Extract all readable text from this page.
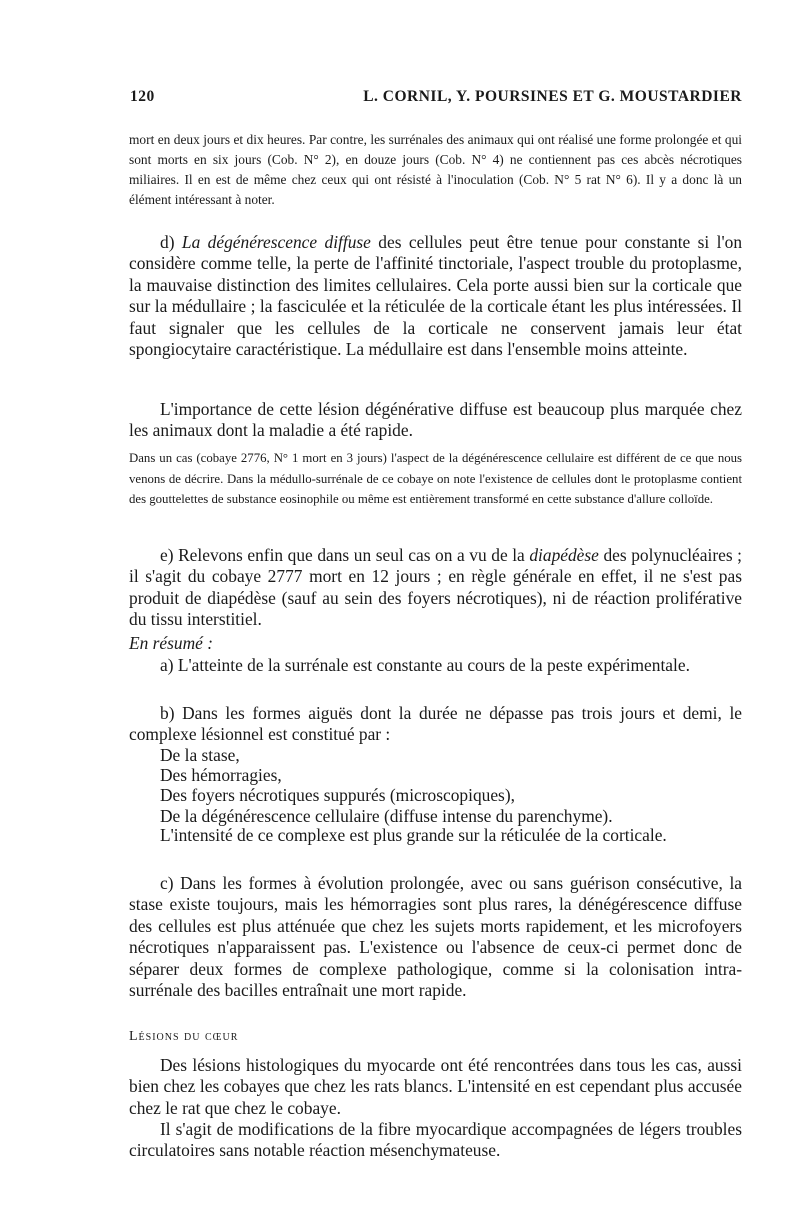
120	L. CORNIL, Y. POURSINES ET G. MOUSTARDIER
mort en deux jours et dix heures. Par contre, les surrénales des animaux qui ont réalisé une forme prolongée et qui sont morts en six jours (Cob. N° 2), en douze jours (Cob. N° 4) ne contiennent pas ces abcès nécrotiques miliaires. Il en est de même chez ceux qui ont résisté à l'inoculation (Cob. N° 5 rat N° 6). Il y a donc là un élément intéressant à noter.
d) La dégénérescence diffuse des cellules peut être tenue pour constante si l'on considère comme telle, la perte de l'affinité tinctoriale, l'aspect trouble du protoplasme, la mauvaise distinction des limites cellulaires. Cela porte aussi bien sur la corticale que sur la médullaire ; la fasciculée et la réticulée de la corticale étant les plus intéressées. Il faut signaler que les cellules de la corticale ne conservent jamais leur état spongiocytaire caractéristique. La médullaire est dans l'ensemble moins atteinte.
L'importance de cette lésion dégénérative diffuse est beaucoup plus marquée chez les animaux dont la maladie a été rapide.
Dans un cas (cobaye 2776, N° 1 mort en 3 jours) l'aspect de la dégénérescence cellulaire est différent de ce que nous venons de décrire. Dans la médullo-surrénale de ce cobaye on note l'existence de cellules dont le protoplasme contient des gouttelettes de substance eosinophile ou même est entièrement transformé en cette substance d'allure colloïde.
e) Relevons enfin que dans un seul cas on a vu de la diapédèse des polynucléaires ; il s'agit du cobaye 2777 mort en 12 jours ; en règle générale en effet, il ne s'est pas produit de diapédèse (sauf au sein des foyers nécrotiques), ni de réaction proliférative du tissu interstitiel.
En résumé :
a) L'atteinte de la surrénale est constante au cours de la peste expérimentale.
b) Dans les formes aiguës dont la durée ne dépasse pas trois jours et demi, le complexe lésionnel est constitué par :
De la stase,
Des hémorragies,
Des foyers nécrotiques suppurés (microscopiques),
De la dégénérescence cellulaire (diffuse intense du parenchyme).
L'intensité de ce complexe est plus grande sur la réticulée de la corticale.
c) Dans les formes à évolution prolongée, avec ou sans guérison consécutive, la stase existe toujours, mais les hémorragies sont plus rares, la dénégérescence diffuse des cellules est plus atténuée que chez les sujets morts rapidement, et les microfoyers nécrotiques n'apparaissent pas. L'existence ou l'absence de ceux-ci permet donc de séparer deux formes de complexe pathologique, comme si la colonisation intra-surrénale des bacilles entraînait une mort rapide.
Lésions du cœur
Des lésions histologiques du myocarde ont été rencontrées dans tous les cas, aussi bien chez les cobayes que chez les rats blancs. L'intensité en est cependant plus accusée chez le rat que chez le cobaye.
Il s'agit de modifications de la fibre myocardique accompagnées de légers troubles circulatoires sans notable réaction mésenchymateuse.
